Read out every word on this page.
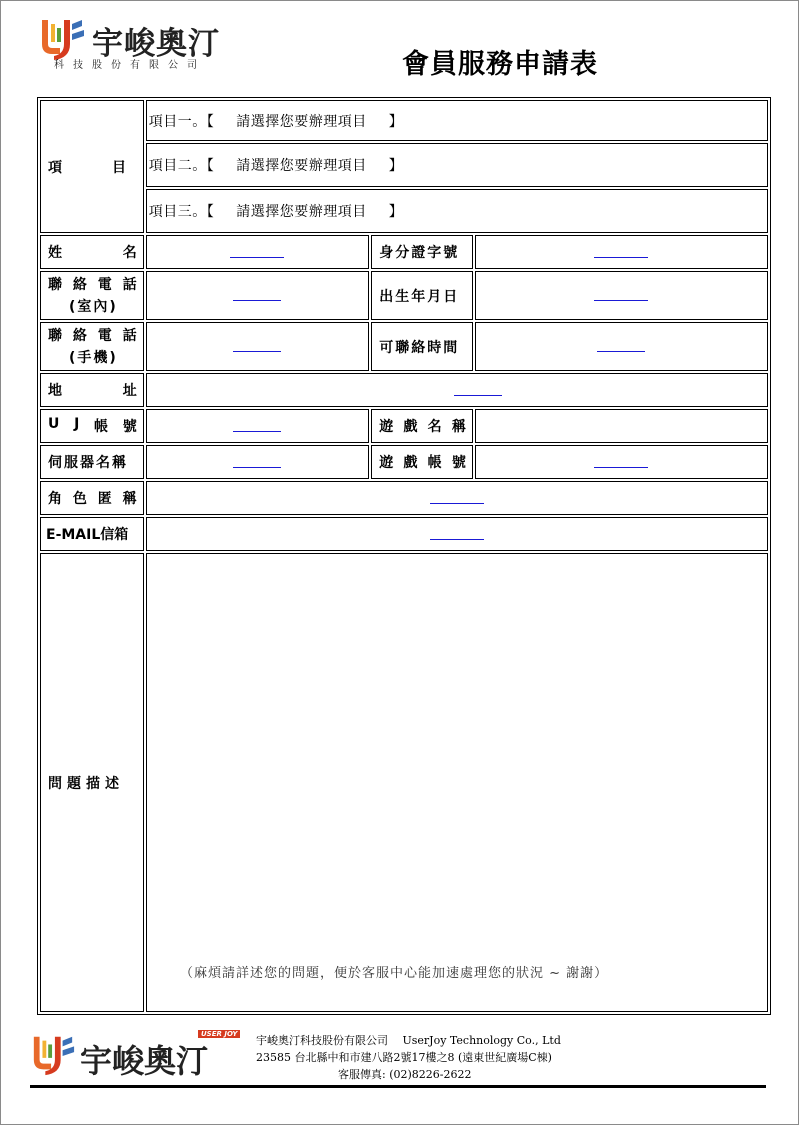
宇峻奧汀
科技股份有限公司	會員服務申請表
項　　　目	項目一。【 請選擇您要辦理項目 】		
	項目二。【 請選擇您要辦理項目 】		
	項目三。【 請選擇您要辦理項目 】		

姓 名		身分證字號	

聯 絡 電 話
(室內)		出生年月日	

聯 絡 電 話
(手機)		可聯絡時間	

地 址			

U J 帳 號		遊 戲 名 稱	

伺服器名稱		遊 戲 帳 號	

角 色 匿 稱			

E-MAIL信箱			
問題描述			
（麻煩請詳述您的問題，便於客服中心能加速處理您的狀況 ~ 謝謝）
宇峻奧汀
USER JOY 宇峻奧汀科技股份有限公司　 UserJoy Technology Co., Ltd
23585 台北縣中和市建八路2號17樓之8 (遠東世紀廣場C棟)
客服傳真: (02)8226-2622
